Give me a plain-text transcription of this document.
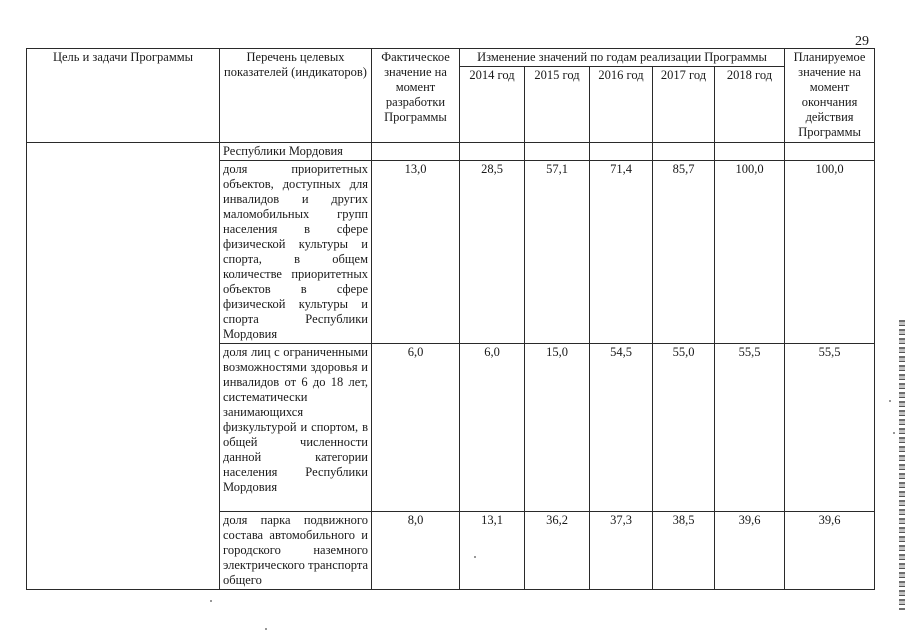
29
Цель и задачи Программы	Перечень целевых показателей (индикаторов)	Фактическое значение на момент разработки Программы	Изменение значений по годам реализации Программы					Планируемое значение на момент окончания действия Программы
			2014 год	2015 год	2016 год	2017 год	2018 год	
	Республики Мордовия							
	доля приоритетных объектов, доступных для инвалидов и других маломобильных групп населения в сфере физической культуры и спорта, в общем количестве приоритетных объектов в сфере физической культуры и спорта Республики Мордовия	13,0	28,5	57,1	71,4	85,7	100,0	100,0
	доля лиц с ограниченными возможностями здоровья и инвалидов от 6 до 18 лет, систематически занимающихся физкультурой и спортом, в общей численности данной категории населения Республики Мордовия	6,0	6,0	15,0	54,5	55,0	55,5	55,5
	доля парка подвижного состава автомобильного и городского наземного электрического транспорта общего	8,0	13,1	36,2	37,3	38,5	39,6	39,6
